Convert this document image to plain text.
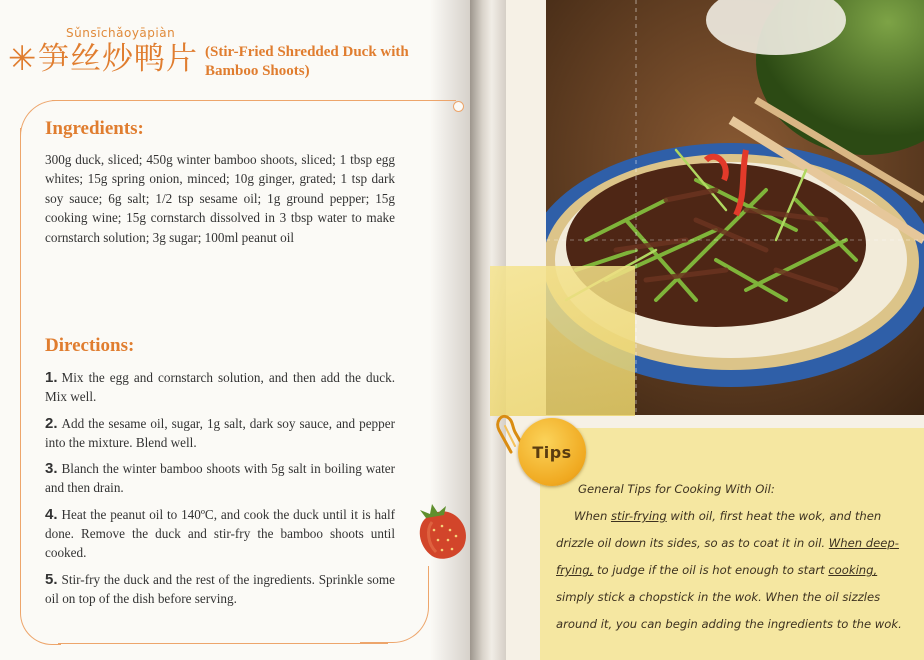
Sǔnsīchǎoyāpiàn
✳ 笋丝炒鸭片 (Stir-Fried Shredded Duck with Bamboo Shoots)
Ingredients:
300g duck, sliced; 450g winter bamboo shoots, sliced; 1 tbsp egg whites; 15g spring onion, minced; 10g ginger, grated; 1 tsp dark soy sauce; 6g salt; 1/2 tsp sesame oil; 1g ground pepper; 15g cooking wine; 15g cornstarch dissolved in 3 tbsp water to make cornstarch solution; 3g sugar; 100ml peanut oil
Directions:
1. Mix the egg and cornstarch solution, and then add the duck. Mix well.
2. Add the sesame oil, sugar, 1g salt, dark soy sauce, and pepper into the mixture. Blend well.
3. Blanch the winter bamboo shoots with 5g salt in boiling water and then drain.
4. Heat the peanut oil to 140ºC, and cook the duck until it is half done. Remove the duck and stir-fry the bamboo shoots until cooked.
5. Stir-fry the duck and the rest of the ingredients. Sprinkle some oil on top of the dish before serving.
Tips
General Tips for Cooking With Oil:
When stir-frying with oil, first heat the wok, and then drizzle oil down its sides, so as to coat it in oil. When deep-frying, to judge if the oil is hot enough to start cooking, simply stick a chopstick in the wok. When the oil sizzles around it, you can begin adding the ingredients to the wok.
